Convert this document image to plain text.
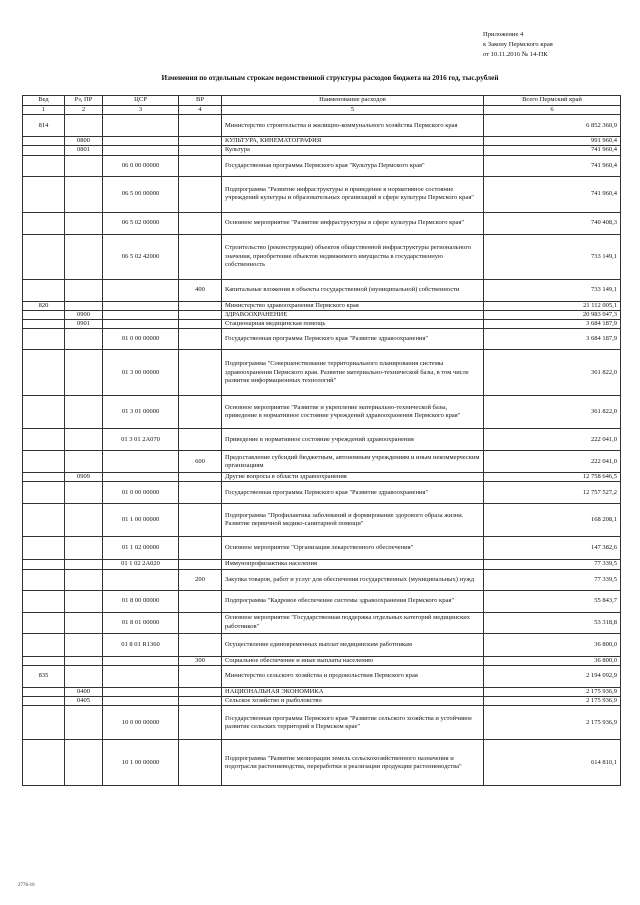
Приложение 4
к Закону Пермского края
от 10.11.2016 № 14-ПК
Изменения по отдельным строкам ведомственной структуры расходов бюджета на 2016 год, тыс.рублей
Вед	Рз, ПР	ЦСР	ВР	Наименование расходов	Всего Пермский край
1	2	3	4	5	6
814				Министерство строительства и жилищно-коммунального хозяйства Пермского края	6 852 360,9
	0800			КУЛЬТУРА, КИНЕМАТОГРАФИЯ	991 960,4
	0801			Культура	741 960,4
		06 0 00 00000		Государственная программа Пермского края "Культура Пермского края"	741 960,4
		06 5 00 00000		Подпрограмма "Развитие инфраструктуры и приведение в нормативное состояние учреждений культуры и образовательных организаций в сфере культуры Пермского края"	741 960,4
		06 5 02 00000		Основное мероприятие "Развитие инфраструктуры в сфере культуры Пермского края"	740 408,3
		06 5 02 42000		Строительство (реконструкция) объектов общественной инфраструктуры регионального значения, приобретение объектов недвижимого имущества в государственную собственность	733 149,1
			400	Капитальные вложения в объекты государственной (муниципальной) собственности	733 149,1
820				Министерство здравоохранения Пермского края	21 112 005,1
	0900			ЗДРАВООХРАНЕНИЕ	20 983 047,3
	0901			Стационарная медицинская помощь	3 684 187,9
		01 0 00 00000		Государственная программа Пермского края "Развитие здравоохранения"	3 684 187,9
		01 3 00 00000		Подпрограмма "Совершенствование территориального планирования системы здравоохранения Пермского края. Развитие материально-технической базы, в том числе развитие информационных технологий"	361 822,0
		01 3 01 00000		Основное мероприятие "Развитие и укрепление материально-технической базы, приведение в нормативное состояние учреждений здравоохранения Пермского края"	361 822,0
		01 3 01 2А070		Приведение в нормативное состояние учреждений здравоохранения	222 041,0
			600	Предоставление субсидий бюджетным, автономным учреждениям и иным некоммерческим организациям	222 041,0
	0909			Другие вопросы в области здравоохранения	12 758 646,5
		01 0 00 00000		Государственная программа Пермского края "Развитие здравоохранения"	12 757 527,2
		01 1 00 00000		Подпрограмма "Профилактика заболеваний и формирование здорового образа жизни. Развитие первичной медико-санитарной помощи"	168 208,1
		01 1 02 00000		Основное мероприятие "Организация лекарственного обеспечения"	147 382,6
		01 1 02 2А020		Иммунопрофилактика населения	77 339,5
			200	Закупка товаров, работ и услуг для обеспечения государственных (муниципальных) нужд	77 339,5
		01 8 00 00000		Подпрограмма "Кадровое обеспечение системы здравоохранения Пермского края"	55 843,7
		01 8 01 00000		Основное мероприятие "Государственная поддержка отдельных категорий медицинских работников"	53 318,8
		01 8 01 R1360		Осуществление единовременных выплат медицинским работникам	36 800,0
			300	Социальное обеспечение и иные выплаты населению	36 800,0
835				Министерство сельского хозяйства и продовольствия Пермского края	2 194 092,9
	0400			НАЦИОНАЛЬНАЯ ЭКОНОМИКА	2 175 936,9
	0405			Сельское хозяйство и рыболовство	2 175 936,9
		10 0 00 00000		Государственная программа Пермского края "Развитие сельского хозяйства и устойчивое развитие сельских территорий в Пермском крае"	2 175 936,9
		10 1 00 00000		Подпрограмма "Развитие мелиорации земель сельскохозяйственного назначения и подотрасли растениеводства, переработки и реализации продукции растениеводства"	614 810,1
2776-16
